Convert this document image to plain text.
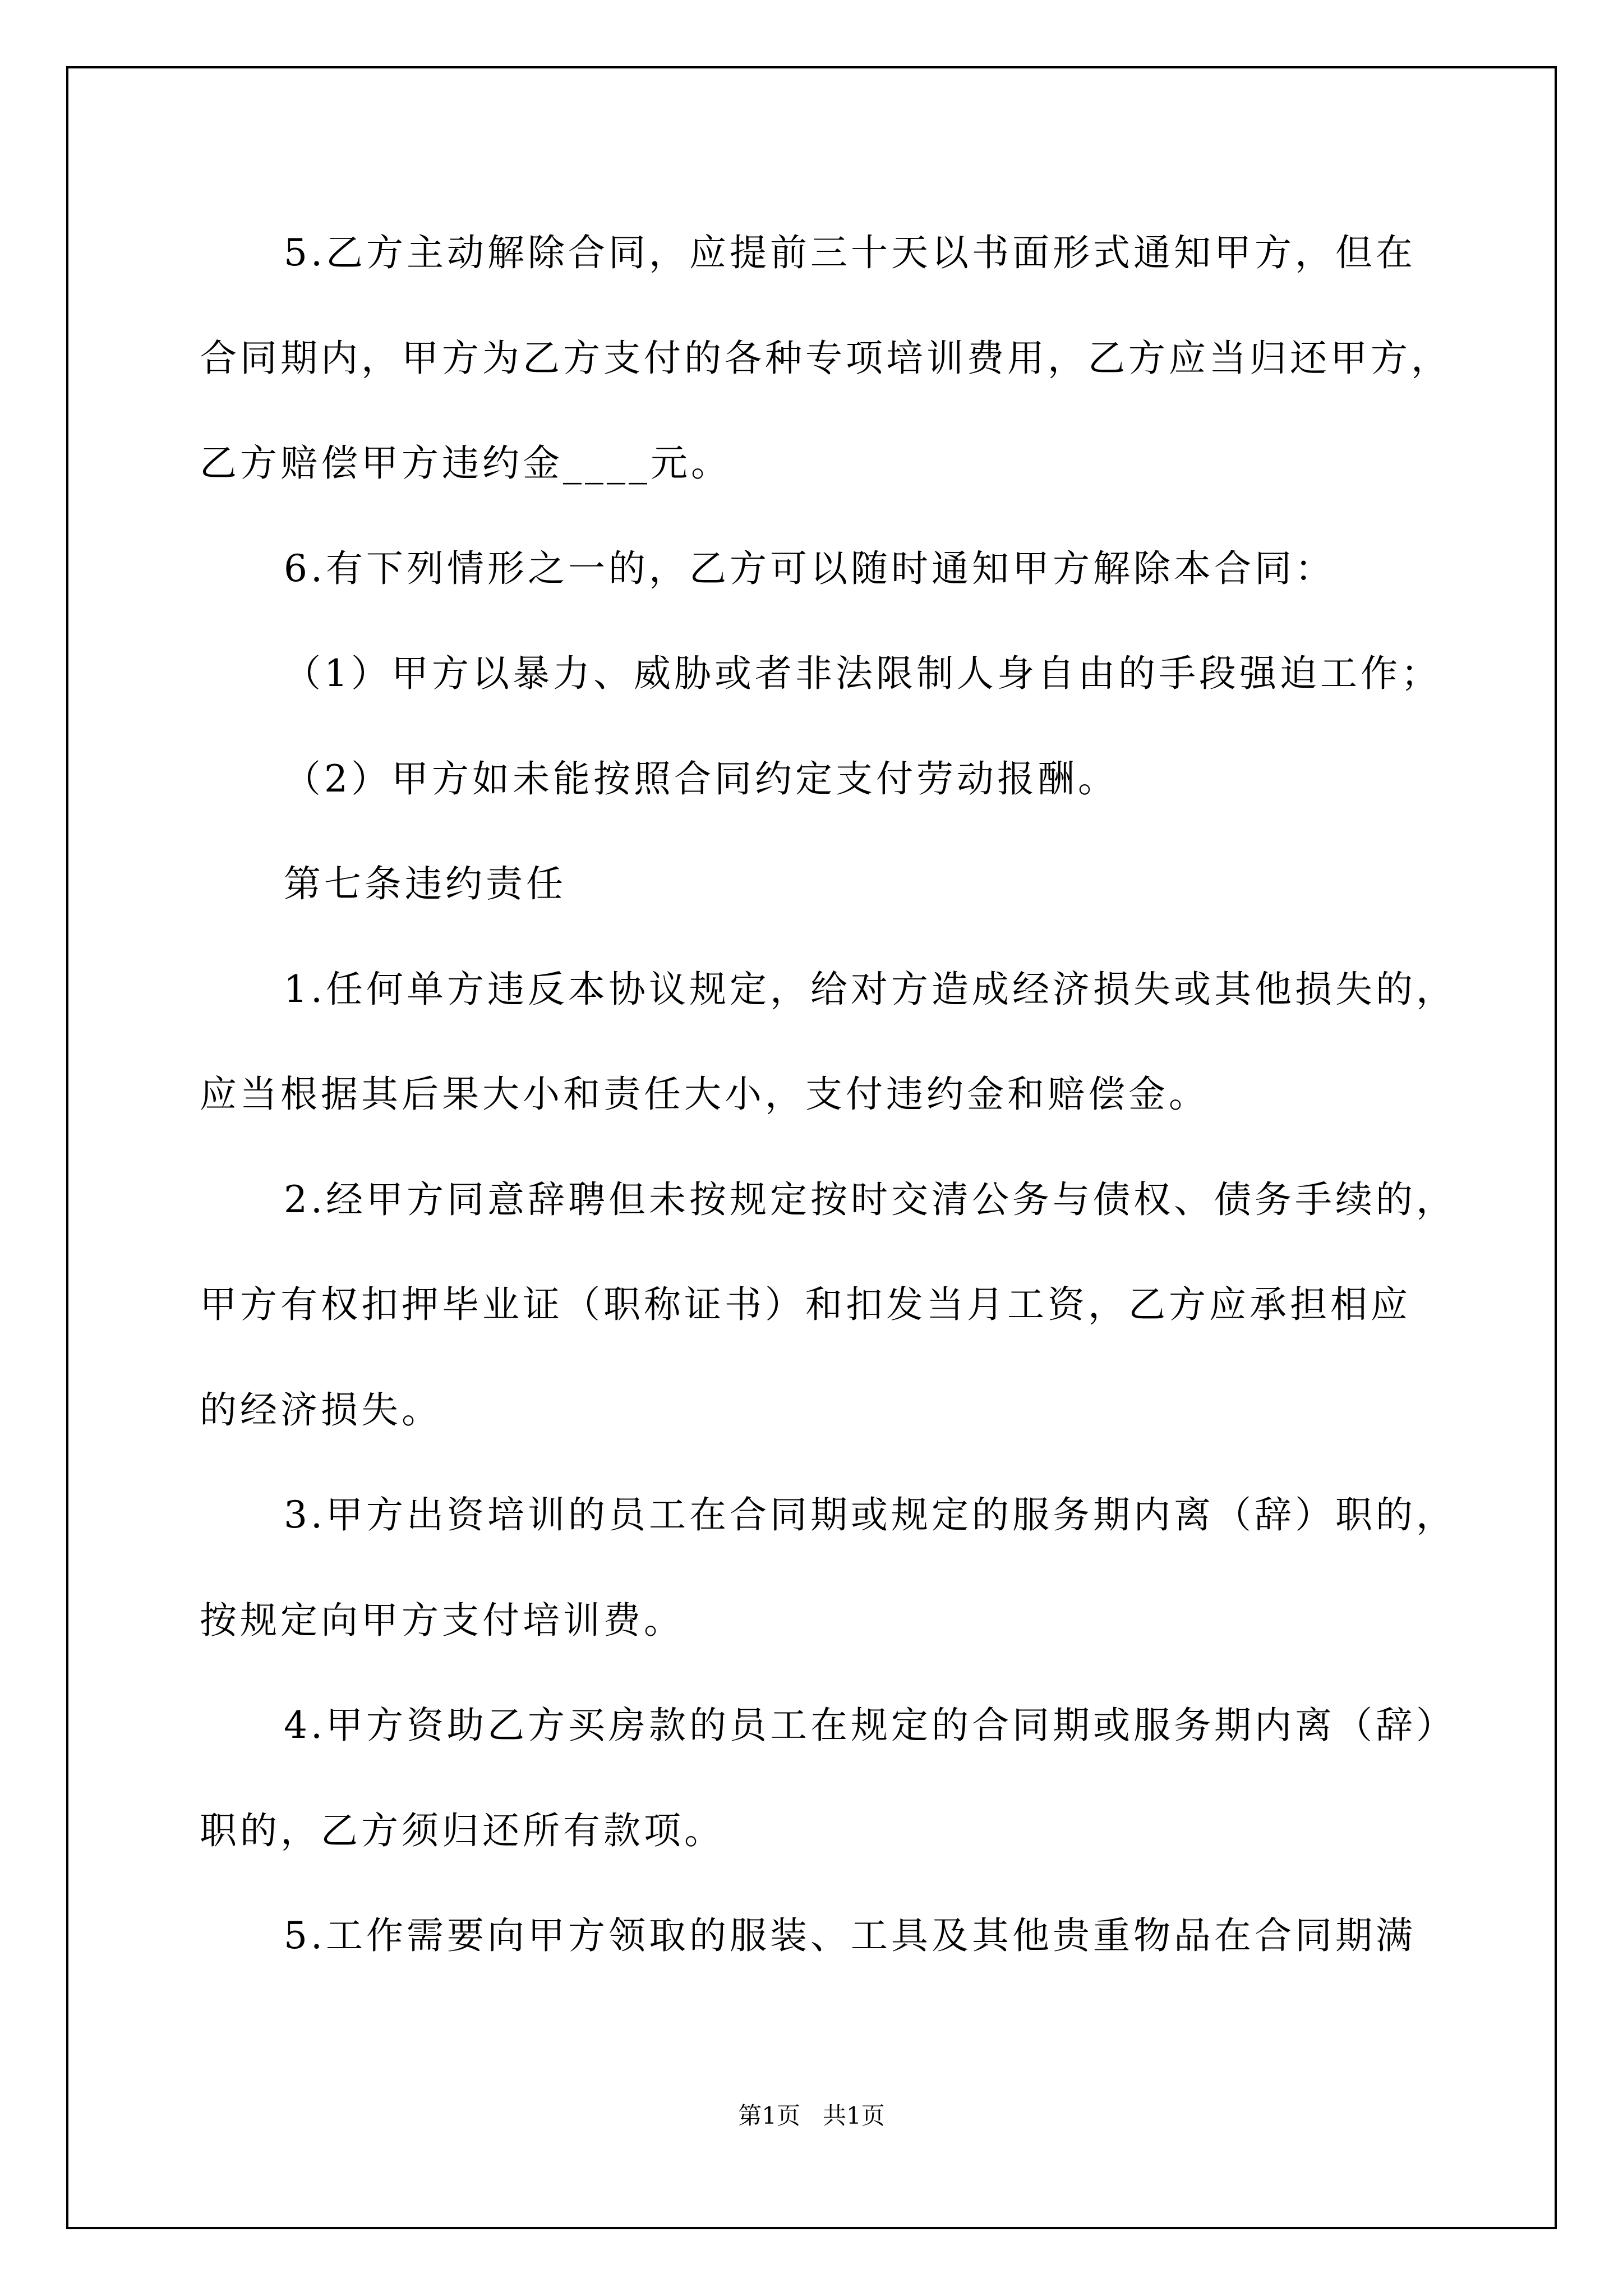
5.乙方主动解除合同，应提前三十天以书面形式通知甲方，但在
合同期内，甲方为乙方支付的各种专项培训费用，乙方应当归还甲方，
乙方赔偿甲方违约金____元。
6.有下列情形之一的，乙方可以随时通知甲方解除本合同：
（1）甲方以暴力、威胁或者非法限制人身自由的手段强迫工作；
（2）甲方如未能按照合同约定支付劳动报酬。
第七条违约责任
1.任何单方违反本协议规定，给对方造成经济损失或其他损失的，
应当根据其后果大小和责任大小，支付违约金和赔偿金。
2.经甲方同意辞聘但未按规定按时交清公务与债权、债务手续的，
甲方有权扣押毕业证（职称证书）和扣发当月工资，乙方应承担相应
的经济损失。
3.甲方出资培训的员工在合同期或规定的服务期内离（辞）职的，
按规定向甲方支付培训费。
4.甲方资助乙方买房款的员工在规定的合同期或服务期内离（辞）
职的，乙方须归还所有款项。
5.工作需要向甲方领取的服装、工具及其他贵重物品在合同期满
第1页   共1页
